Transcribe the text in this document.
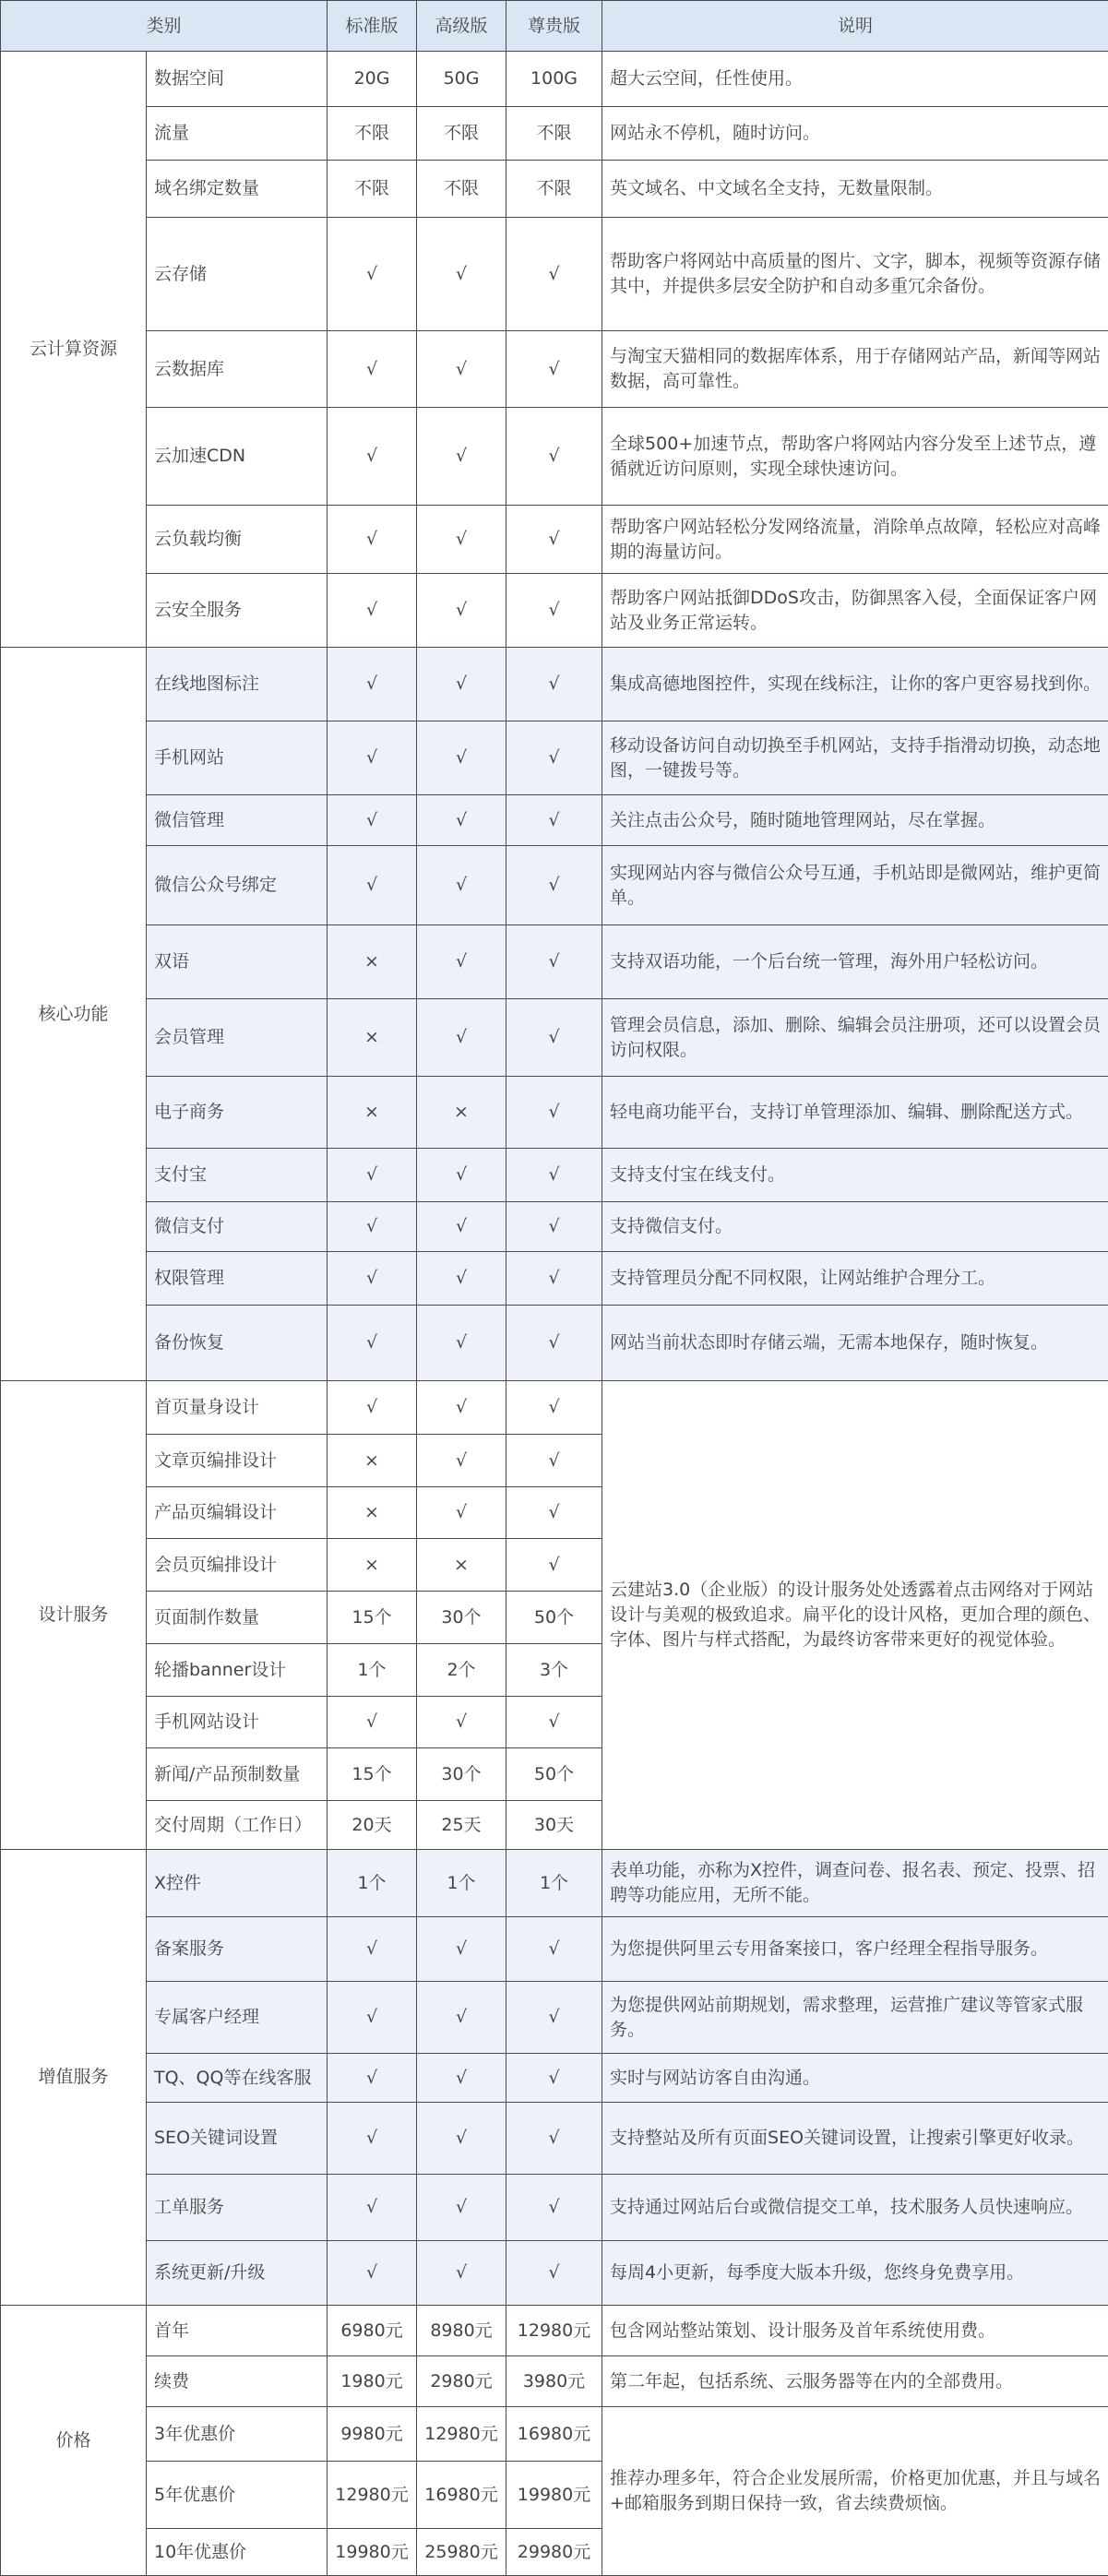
类别		标准版	高级版	尊贵版	说明
云计算资源	数据空间	20G	50G	100G	超大云空间，任性使用。
	流量	不限	不限	不限	网站永不停机，随时访问。
	域名绑定数量	不限	不限	不限	英文域名、中文域名全支持，无数量限制。
	云存储	√	√	√	帮助客户将网站中高质量的图片、文字，脚本，视频等资源存储其中，并提供多层安全防护和自动多重冗余备份。
	云数据库	√	√	√	与淘宝天猫相同的数据库体系，用于存储网站产品，新闻等网站数据，高可靠性。
	云加速CDN	√	√	√	全球500+加速节点，帮助客户将网站内容分发至上述节点，遵循就近访问原则，实现全球快速访问。
	云负载均衡	√	√	√	帮助客户网站轻松分发网络流量，消除单点故障，轻松应对高峰期的海量访问。
	云安全服务	√	√	√	帮助客户网站抵御DDoS攻击，防御黑客入侵，全面保证客户网站及业务正常运转。
核心功能	在线地图标注	√	√	√	集成高德地图控件，实现在线标注，让你的客户更容易找到你。
	手机网站	√	√	√	移动设备访问自动切换至手机网站，支持手指滑动切换，动态地图，一键拨号等。
	微信管理	√	√	√	关注点击公众号，随时随地管理网站，尽在掌握。
	微信公众号绑定	√	√	√	实现网站内容与微信公众号互通，手机站即是微网站，维护更简单。
	双语	×	√	√	支持双语功能，一个后台统一管理，海外用户轻松访问。
	会员管理	×	√	√	管理会员信息，添加、删除、编辑会员注册项，还可以设置会员访问权限。
	电子商务	×	×	√	轻电商功能平台，支持订单管理添加、编辑、删除配送方式。
	支付宝	√	√	√	支持支付宝在线支付。
	微信支付	√	√	√	支持微信支付。
	权限管理	√	√	√	支持管理员分配不同权限，让网站维护合理分工。
	备份恢复	√	√	√	网站当前状态即时存储云端，无需本地保存，随时恢复。
设计服务	首页量身设计	√	√	√	云建站3.0（企业版）的设计服务处处透露着点击网络对于网站设计与美观的极致追求。扁平化的设计风格，更加合理的颜色、字体、图片与样式搭配，为最终访客带来更好的视觉体验。
	文章页编排设计	×	√	√	
	产品页编辑设计	×	√	√	
	会员页编排设计	×	×	√	
	页面制作数量	15个	30个	50个	
	轮播banner设计	1个	2个	3个	
	手机网站设计	√	√	√	
	新闻/产品预制数量	15个	30个	50个	
	交付周期（工作日）	20天	25天	30天	
增值服务	X控件	1个	1个	1个	表单功能，亦称为X控件，调查问卷、报名表、预定、投票、招聘等功能应用，无所不能。
	备案服务	√	√	√	为您提供阿里云专用备案接口，客户经理全程指导服务。
	专属客户经理	√	√	√	为您提供网站前期规划，需求整理，运营推广建议等管家式服务。
	TQ、QQ等在线客服	√	√	√	实时与网站访客自由沟通。
	SEO关键词设置	√	√	√	支持整站及所有页面SEO关键词设置，让搜索引擎更好收录。
	工单服务	√	√	√	支持通过网站后台或微信提交工单，技术服务人员快速响应。
	系统更新/升级	√	√	√	每周4小更新，每季度大版本升级，您终身免费享用。
价格	首年	6980元	8980元	12980元	包含网站整站策划、设计服务及首年系统使用费。
	续费	1980元	2980元	3980元	第二年起，包括系统、云服务器等在内的全部费用。
	3年优惠价	9980元	12980元	16980元	推荐办理多年，符合企业发展所需，价格更加优惠，并且与域名+邮箱服务到期日保持一致，省去续费烦恼。
	5年优惠价	12980元	16980元	19980元	
	10年优惠价	19980元	25980元	29980元	
